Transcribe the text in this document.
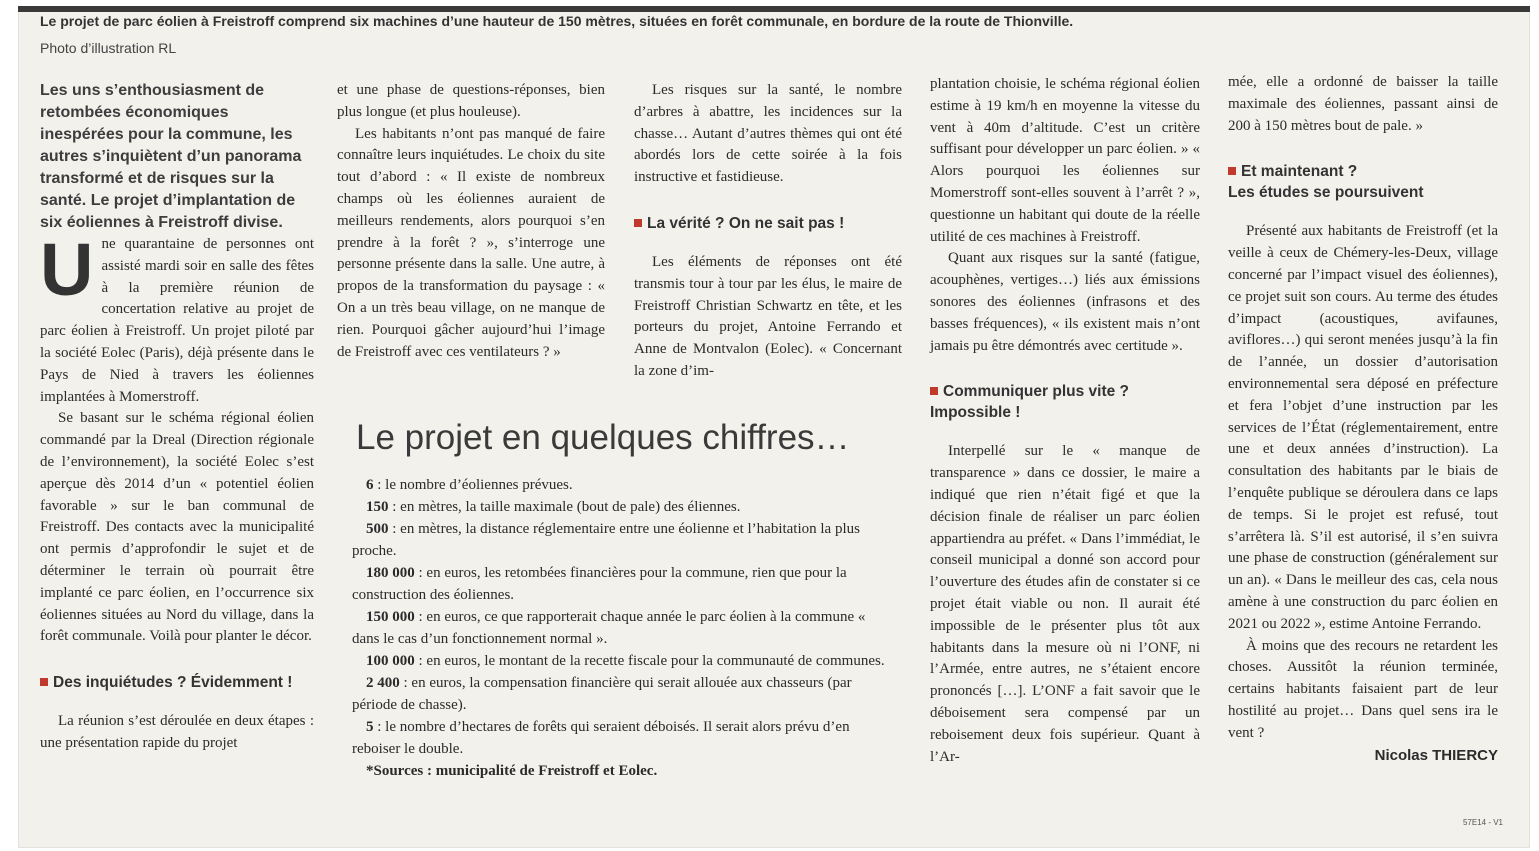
Le projet de parc éolien à Freistroff comprend six machines d’une hauteur de 150 mètres, situées en forêt communale, en bordure de la route de Thionville.
Photo d’illustration RL

Les uns s’enthousiasment de retombées économiques inespérées pour la commune, les autres s’inquiètent d’un panorama transformé et de risques sur la santé. Le projet d’implantation de six éoliennes à Freistroff divise.

Une quarantaine de personnes ont assisté mardi soir en salle des fêtes à la première réunion de concertation relative au projet de parc éolien à Freistroff. Un projet piloté par la société Eolec (Paris), déjà présente dans le Pays de Nied à travers les éoliennes implantées à Momerstroff.

Se basant sur le schéma régional éolien commandé par la Dreal (Direction régionale de l’environnement), la société Eolec s’est aperçue dès 2014 d’un « potentiel éolien favorable » sur le ban communal de Freistroff. Des contacts avec la municipalité ont permis d’approfondir le sujet et de déterminer le terrain où pourrait être implanté ce parc éolien, en l’occurrence six éoliennes situées au Nord du village, dans la forêt communale. Voilà pour planter le décor.

Des inquiétudes ? Évidemment !

La réunion s’est déroulée en deux étapes : une présentation rapide du projet

et une phase de questions-réponses, bien plus longue (et plus houleuse).

Les habitants n’ont pas manqué de faire connaître leurs inquiétudes. Le choix du site tout d’abord : « Il existe de nombreux champs où les éoliennes auraient de meilleurs rendements, alors pourquoi s’en prendre à la forêt ? », s’interroge une personne présente dans la salle. Une autre, à propos de la transformation du paysage : « On a un très beau village, on ne manque de rien. Pourquoi gâcher aujourd’hui l’image de Freistroff avec ces ventilateurs ? »

Les risques sur la santé, le nombre d’arbres à abattre, les incidences sur la chasse… Autant d’autres thèmes qui ont été abordés lors de cette soirée à la fois instructive et fastidieuse.

La vérité ? On ne sait pas !

Les éléments de réponses ont été transmis tour à tour par les élus, le maire de Freistroff Christian Schwartz en tête, et les porteurs du projet, Antoine Ferrando et Anne de Montvalon (Eolec). « Concernant la zone d’im-

Le projet en quelques chiffres…

6 : le nombre d’éoliennes prévues.

150 : en mètres, la taille maximale (bout de pale) des éliennes.

500 : en mètres, la distance réglementaire entre une éolienne et l’habitation la plus proche.

180 000 : en euros, les retombées financières pour la commune, rien que pour la construction des éoliennes.

150 000 : en euros, ce que rapporterait chaque année le parc éolien à la commune « dans le cas d’un fonctionnement normal ».

100 000 : en euros, le montant de la recette fiscale pour la communauté de communes.

2 400 : en euros, la compensation financière qui serait allouée aux chasseurs (par période de chasse).

5 : le nombre d’hectares de forêts qui seraient déboisés. Il serait alors prévu d’en reboiser le double.

*Sources : municipalité de Freistroff et Eolec.

plantation choisie, le schéma régional éolien estime à 19 km/h en moyenne la vitesse du vent à 40m d’altitude. C’est un critère suffisant pour développer un parc éolien. » « Alors pourquoi les éoliennes sur Momerstroff sont-elles souvent à l’arrêt ? », questionne un habitant qui doute de la réelle utilité de ces machines à Freistroff.

Quant aux risques sur la santé (fatigue, acouphènes, vertiges…) liés aux émissions sonores des éoliennes (infrasons et des basses fréquences), « ils existent mais n’ont jamais pu être démontrés avec certitude ».

Communiquer plus vite ? Impossible !

Interpellé sur le « manque de transparence » dans ce dossier, le maire a indiqué que rien n’était figé et que la décision finale de réaliser un parc éolien appartiendra au préfet. « Dans l’immédiat, le conseil municipal a donné son accord pour l’ouverture des études afin de constater si ce projet était viable ou non. Il aurait été impossible de le présenter plus tôt aux habitants dans la mesure où ni l’ONF, ni l’Armée, entre autres, ne s’étaient encore prononcés […]. L’ONF a fait savoir que le déboisement sera compensé par un reboisement deux fois supérieur. Quant à l’Ar-

mée, elle a ordonné de baisser la taille maximale des éoliennes, passant ainsi de 200 à 150 mètres bout de pale. »

Et maintenant ?
Les études se poursuivent

Présenté aux habitants de Freistroff (et la veille à ceux de Chémery-les-Deux, village concerné par l’impact visuel des éoliennes), ce projet suit son cours. Au terme des études d’impact (acoustiques, avifaunes, aviflores…) qui seront menées jusqu’à la fin de l’année, un dossier d’autorisation environnemental sera déposé en préfecture et fera l’objet d’une instruction par les services de l’État (réglementairement, entre une et deux années d’instruction). La consultation des habitants par le biais de l’enquête publique se déroulera dans ce laps de temps. Si le projet est refusé, tout s’arrêtera là. S’il est autorisé, il s’en suivra une phase de construction (généralement sur un an). « Dans le meilleur des cas, cela nous amène à une construction du parc éolien en 2021 ou 2022 », estime Antoine Ferrando.

À moins que des recours ne retardent les choses. Aussitôt la réunion terminée, certains habitants faisaient part de leur hostilité au projet… Dans quel sens ira le vent ?

Nicolas THIERCY

57E14 - V1
